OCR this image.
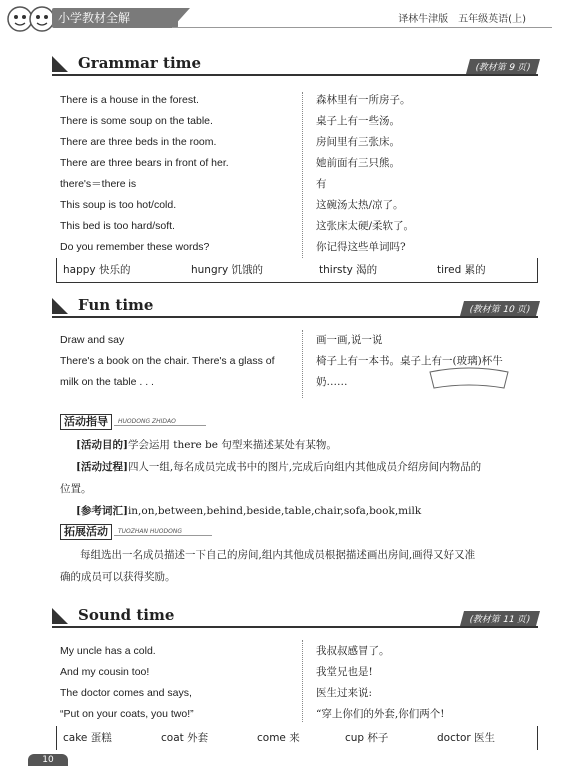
小学教材全解	译林牛津版　五年级英语(上)
Grammar time	(教材第 9 页)
There is a house in the forest.	森林里有一所房子。
There is some soup on the table.	桌子上有一些汤。
There are three beds in the room.	房间里有三张床。
There are three bears in front of her.	她前面有三只熊。
there's＝there is	有
This soup is too hot/cold.	这碗汤太热/凉了。
This bed is too hard/soft.	这张床太硬/柔软了。
Do you remember these words?	你记得这些单词吗?
happy 快乐的	hungry 饥饿的	thirsty 渴的	tired 累的
Fun time	(教材第 10 页)
Draw and say	画一画,说一说
There's a book on the chair. There's a glass of	椅子上有一本书。桌子上有一(玻璃)杯牛
milk on the table . . .	奶……
活动指导 HUODONG ZHIDAO
[活动目的]学会运用 there be 句型来描述某处有某物。
[活动过程]四人一组,每名成员完成书中的图片,完成后向组内其他成员介绍房间内物品的
位置。
[参考词汇]in,on,between,behind,beside,table,chair,sofa,book,milk
拓展活动 TUOZHAN HUODONG
每组选出一名成员描述一下自己的房间,组内其他成员根据描述画出房间,画得又好又准
确的成员可以获得奖励。
Sound time	(教材第 11 页)
My uncle has a cold.	我叔叔感冒了。
And my cousin too!	我堂兄也是!
The doctor comes and says,	医生过来说:
“Put on your coats, you two!”	“穿上你们的外套,你们两个!
cake 蛋糕	coat 外套	come 来	cup 杯子	doctor 医生
10
